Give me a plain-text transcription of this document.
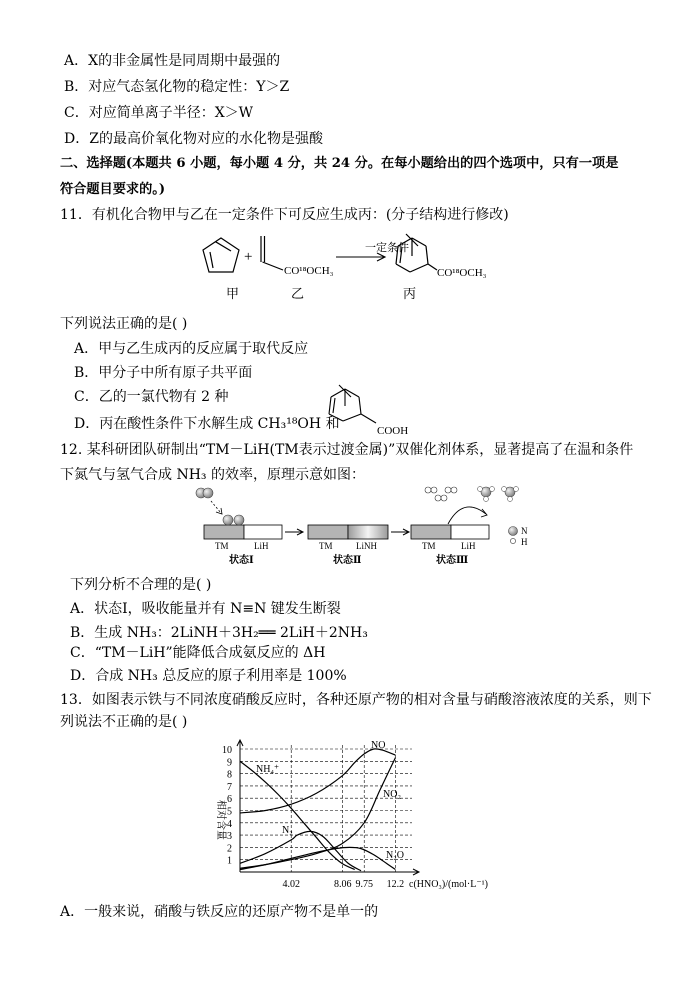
A．X的非金属性是同周期中最强的
B．对应气态氢化物的稳定性：Y＞Z
C．对应简单离子半径：X＞W
D．Z的最高价氧化物对应的水化物是强酸
二、选择题(本题共 6 小题，每小题 4 分，共 24 分。在每小题给出的四个选项中，只有一项是
符合题目要求的。)
11．有机化合物甲与乙在一定条件下可反应生成丙：(分子结构进行修改)
+
CO¹⁸OCH₃
一定条件
CO¹⁸OCH₃
甲	乙	丙
下列说法正确的是( )
A．甲与乙生成丙的反应属于取代反应
B．甲分子中所有原子共平面
C．乙的一氯代物有 2 种
D．丙在酸性条件下水解生成 CH₃¹⁸OH 和	COOH
12. 某科研团队研制出“TM－LiH(TM表示过渡金属)”双催化剂体系，显著提高了在温和条件
下氮气与氢气合成 NH₃ 的效率，原理示意如图：
TM	LiH
状态Ⅰ
TM	LiNH
状态Ⅱ
TM	LiH
状态Ⅲ
N
H
下列分析不合理的是( )
A．状态Ⅰ，吸收能量并有 N≡N 键发生断裂
B．生成 NH₃：2LiNH＋3H₂══ 2LiH＋2NH₃
C．“TM－LiH”能降低合成氨反应的 ΔH
D．合成 NH₃ 总反应的原子利用率是 100%
13．如图表示铁与不同浓度硝酸反应时，各种还原产物的相对含量与硝酸溶液浓度的关系，则下
列说法不正确的是( )
相对含量
c(HNO₃)/(mol·L⁻¹)
1
2
3
4
5
6
7
8
9
10
4.02	8.06 9.75 12.2
NH₄⁺
NO
NO₂
N₂
N₂O
A．一般来说，硝酸与铁反应的还原产物不是单一的
